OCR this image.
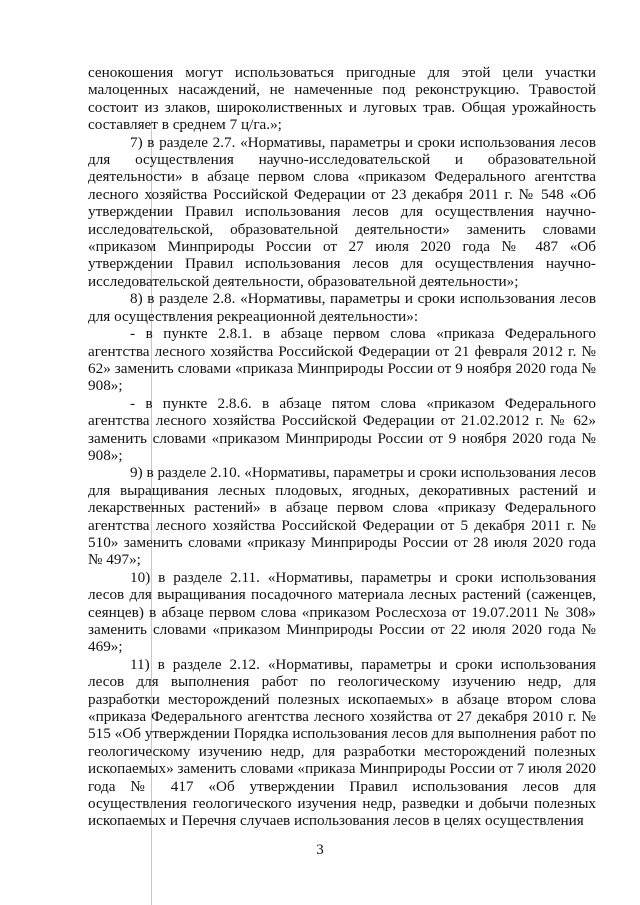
сенокошения могут использоваться пригодные для этой цели участки малоценных насаждений, не намеченные под реконструкцию. Травостой состоит из злаков, широколиственных и луговых трав. Общая урожайность составляет в среднем 7 ц/га.»;

7) в разделе 2.7. «Нормативы, параметры и сроки использования лесов для осуществления научно-исследовательской и образовательной деятельности» в абзаце первом слова «приказом Федерального агентства лесного хозяйства Российской Федерации от 23 декабря 2011 г. № 548 «Об утверждении Правил использования лесов для осуществления научно-исследовательской, образовательной деятельности» заменить словами «приказом Минприроды России от 27 июля 2020 года № 487 «Об утверждении Правил использования лесов для осуществления научно-исследовательской деятельности, образовательной деятельности»;

8) в разделе 2.8. «Нормативы, параметры и сроки использования лесов для осуществления рекреационной деятельности»:

- в пункте 2.8.1. в абзаце первом слова «приказа Федерального агентства лесного хозяйства Российской Федерации от 21 февраля 2012 г. № 62» заменить словами «приказа Минприроды России от 9 ноября 2020 года № 908»;

- в пункте 2.8.6. в абзаце пятом слова «приказом Федерального агентства лесного хозяйства Российской Федерации от 21.02.2012 г. № 62» заменить словами «приказом Минприроды России от 9 ноября 2020 года № 908»;

9) в разделе 2.10. «Нормативы, параметры и сроки использования лесов для выращивания лесных плодовых, ягодных, декоративных растений и лекарственных растений» в абзаце первом слова «приказу Федерального агентства лесного хозяйства Российской Федерации от 5 декабря 2011 г. № 510» заменить словами «приказу Минприроды России от 28 июля 2020 года № 497»;

10) в разделе 2.11. «Нормативы, параметры и сроки использования лесов для выращивания посадочного материала лесных растений (саженцев, сеянцев) в абзаце первом слова «приказом Рослесхоза от 19.07.2011 № 308» заменить словами «приказом Минприроды России от 22 июля 2020 года № 469»;

11) в разделе 2.12. «Нормативы, параметры и сроки использования лесов для выполнения работ по геологическому изучению недр, для разработки месторождений полезных ископаемых» в абзаце втором слова «приказа Федерального агентства лесного хозяйства от 27 декабря 2010 г. № 515 «Об утверждении Порядка использования лесов для выполнения работ по геологическому изучению недр, для разработки месторождений полезных ископаемых» заменить словами «приказа Минприроды России от 7 июля 2020 года № 417 «Об утверждении Правил использования лесов для осуществления геологического изучения недр, разведки и добычи полезных ископаемых и Перечня случаев использования лесов в целях осуществления

3
